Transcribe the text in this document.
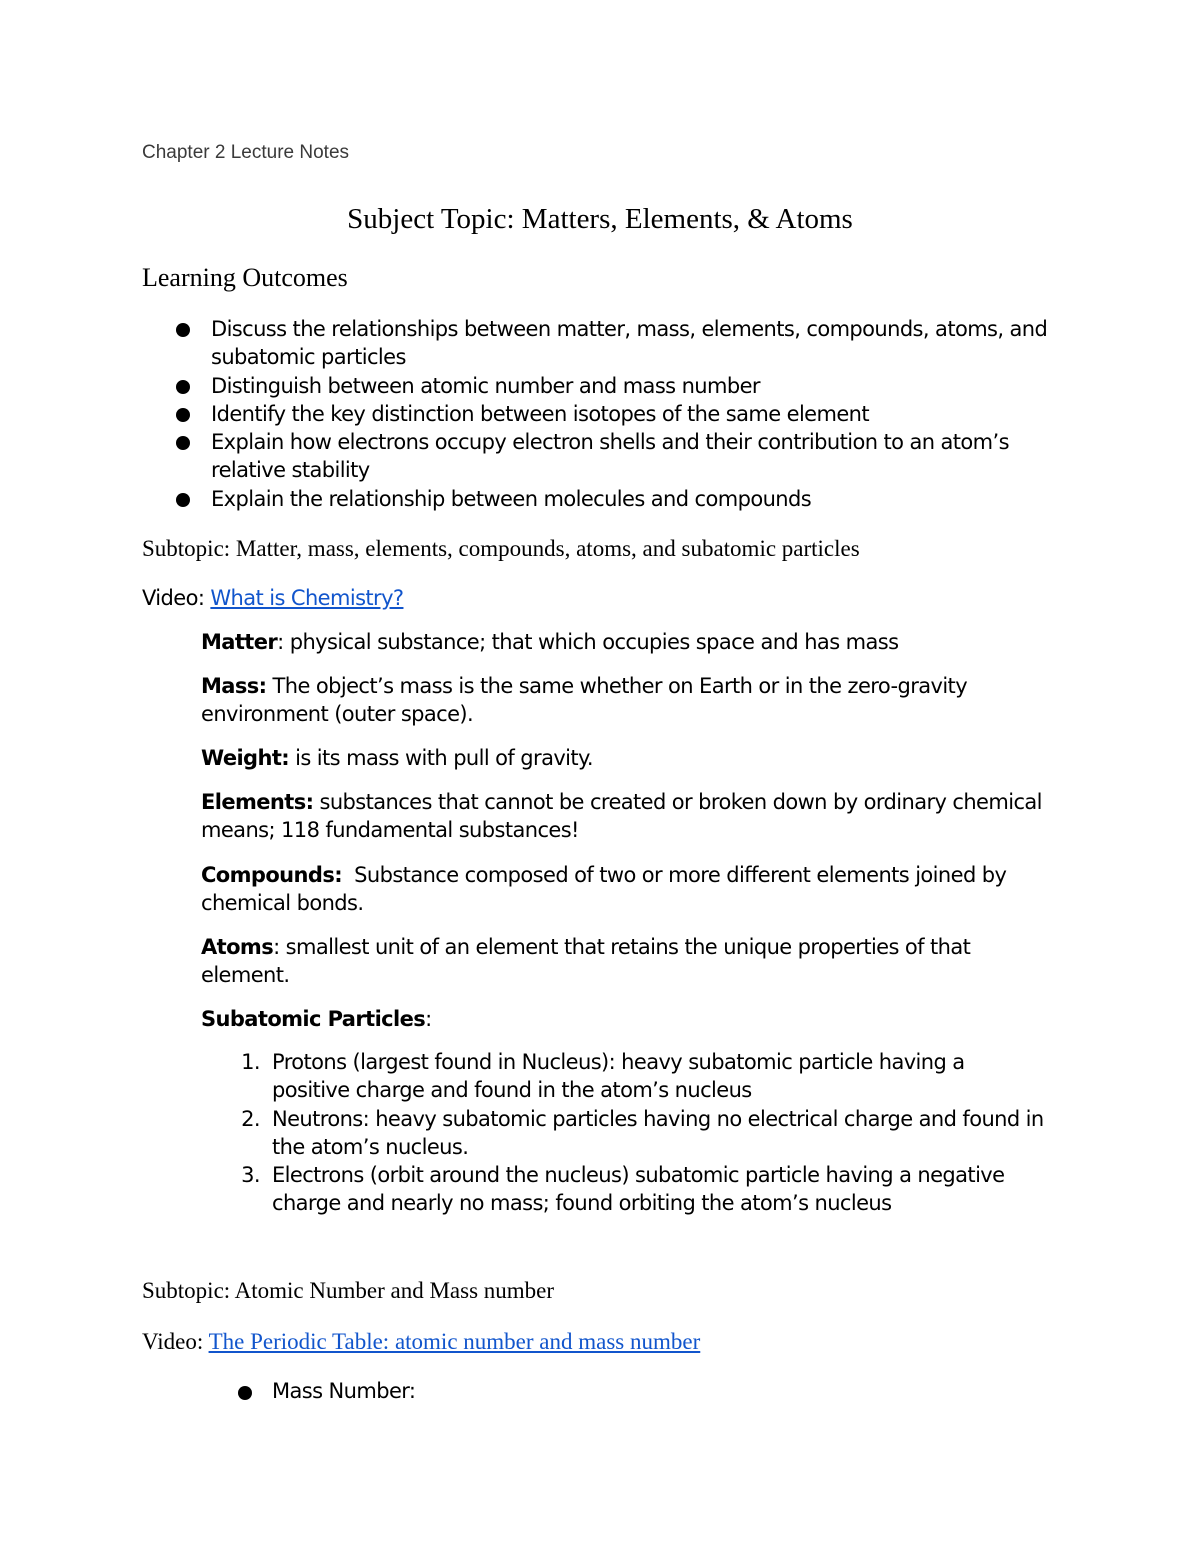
Chapter 2 Lecture Notes
Subject Topic: Matters, Elements, & Atoms
Learning Outcomes
Discuss the relationships between matter, mass, elements, compounds, atoms, and
subatomic particles
Distinguish between atomic number and mass number
Identify the key distinction between isotopes of the same element
Explain how electrons occupy electron shells and their contribution to an atom’s
relative stability
Explain the relationship between molecules and compounds
Subtopic: Matter, mass, elements, compounds, atoms, and subatomic particles
Video: What is Chemistry?
Matter: physical substance; that which occupies space and has mass
Mass: The object’s mass is the same whether on Earth or in the zero-gravity
environment (outer space).
Weight: is its mass with pull of gravity.
Elements: substances that cannot be created or broken down by ordinary chemical
means; 118 fundamental substances!
Compounds: Substance composed of two or more different elements joined by
chemical bonds.
Atoms: smallest unit of an element that retains the unique properties of that
element.
Subatomic Particles:
1. Protons (largest found in Nucleus): heavy subatomic particle having a
positive charge and found in the atom’s nucleus
2. Neutrons: heavy subatomic particles having no electrical charge and found in
the atom’s nucleus.
3. Electrons (orbit around the nucleus) subatomic particle having a negative
charge and nearly no mass; found orbiting the atom’s nucleus
Subtopic: Atomic Number and Mass number
Video: The Periodic Table: atomic number and mass number
Mass Number:
